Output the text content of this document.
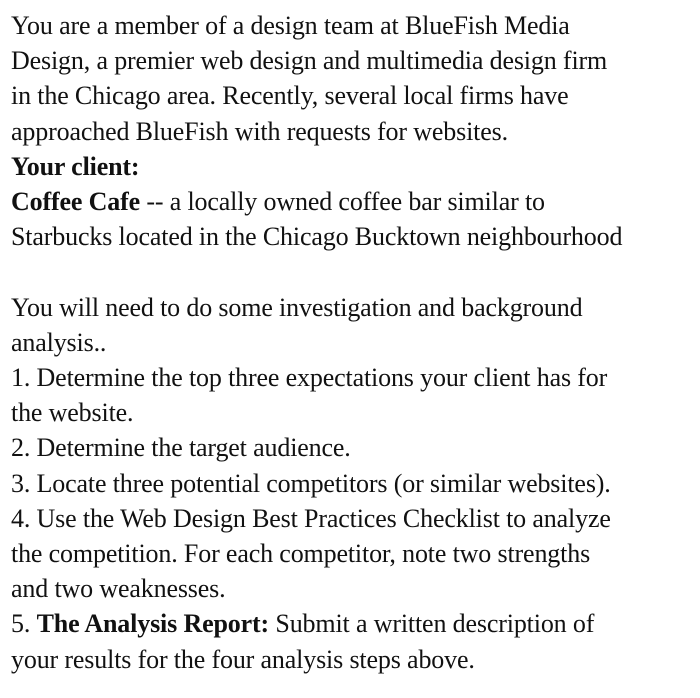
You are a member of a design team at BlueFish Media
Design, a premier web design and multimedia design firm
in the Chicago area. Recently, several local firms have
approached BlueFish with requests for websites.
Your client:
Coffee Cafe -- a locally owned coffee bar similar to
Starbucks located in the Chicago Bucktown neighbourhood
You will need to do some investigation and background
analysis..
1. Determine the top three expectations your client has for
the website.
2. Determine the target audience.
3. Locate three potential competitors (or similar websites).
4. Use the Web Design Best Practices Checklist to analyze
the competition. For each competitor, note two strengths
and two weaknesses.
5. The Analysis Report: Submit a written description of
your results for the four analysis steps above.
